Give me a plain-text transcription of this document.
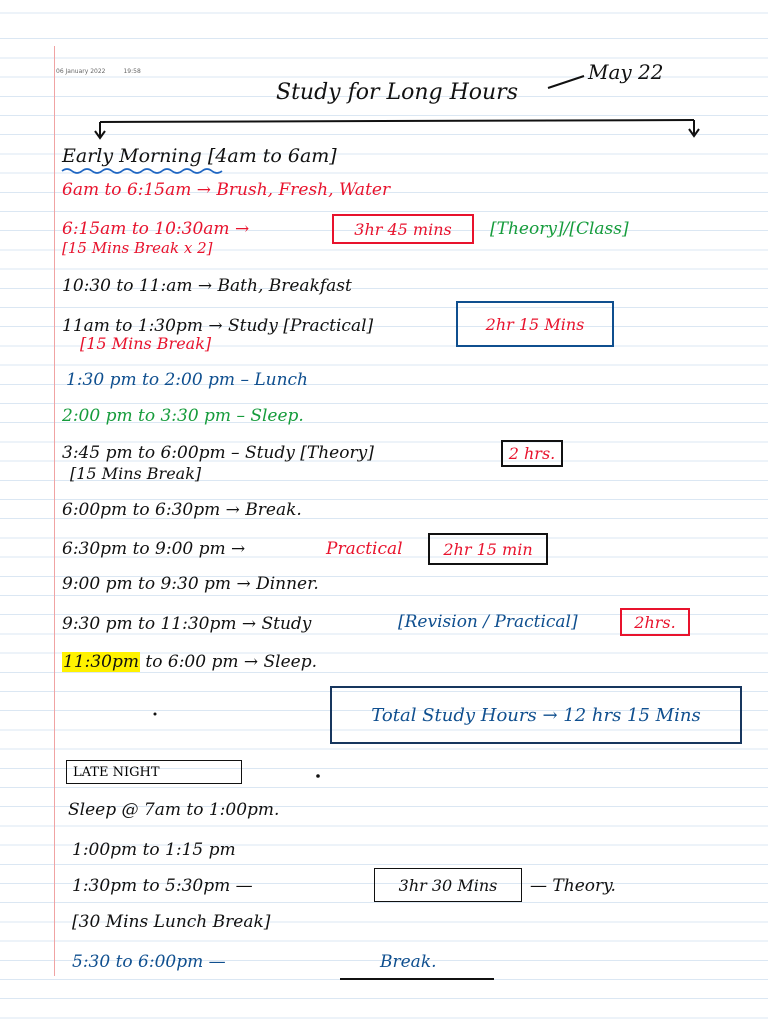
06 January 2022	19:58
Study for Long Hours
May 22
Early Morning [4am to 6am]
6am to 6:15am → Brush, Fresh, Water
6:15am to 10:30am →	3hr 45 mins	[Theory]/[Class]
[15 Mins Break x 2]
10:30 to 11:am → Bath, Breakfast
11am to 1:30pm → Study [Practical]	2hr 15 Mins
[15 Mins Break]
1:30 pm to 2:00 pm – Lunch
2:00 pm to 3:30 pm – Sleep.
3:45 pm to 6:00pm – Study [Theory]	2 hrs.
[15 Mins Break]
6:00pm to 6:30pm → Break.
6:30pm to 9:00 pm →	Practical	2hr 15 min
9:00 pm to 9:30 pm → Dinner.
9:30 pm to 11:30pm → Study	[Revision / Practical]	2hrs.
11:30pm to 6:00 pm → Sleep.
Total Study Hours → 12 hrs 15 Mins
LATE NIGHT
Sleep @ 7am to 1:00pm.
1:00pm to 1:15 pm
1:30pm to 5:30pm —	3hr 30 Mins	— Theory.
[30 Mins Lunch Break]
5:30 to 6:00pm —	Break.
